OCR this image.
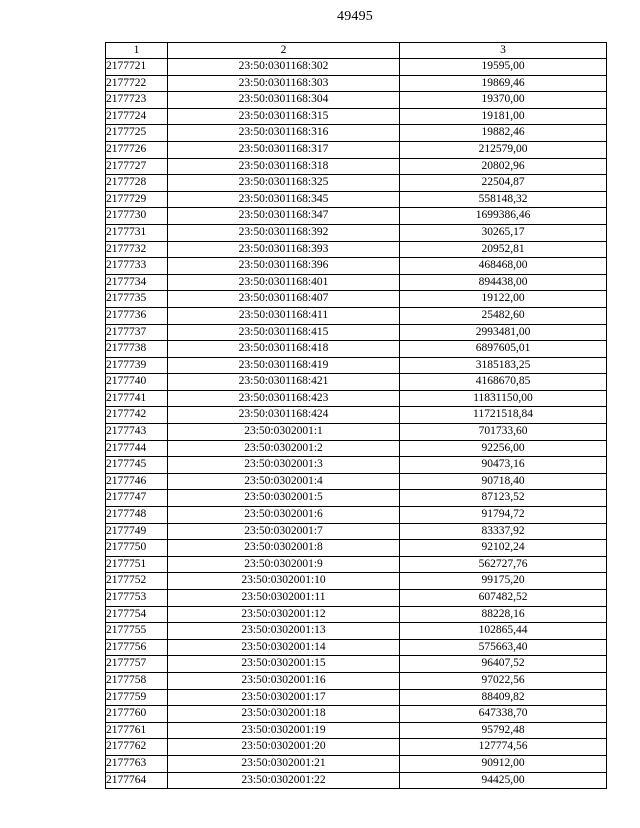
49495
1	2	3
2177721	23:50:0301168:302	19595,00
2177722	23:50:0301168:303	19869,46
2177723	23:50:0301168:304	19370,00
2177724	23:50:0301168:315	19181,00
2177725	23:50:0301168:316	19882,46
2177726	23:50:0301168:317	212579,00
2177727	23:50:0301168:318	20802,96
2177728	23:50:0301168:325	22504,87
2177729	23:50:0301168:345	558148,32
2177730	23:50:0301168:347	1699386,46
2177731	23:50:0301168:392	30265,17
2177732	23:50:0301168:393	20952,81
2177733	23:50:0301168:396	468468,00
2177734	23:50:0301168:401	894438,00
2177735	23:50:0301168:407	19122,00
2177736	23:50:0301168:411	25482,60
2177737	23:50:0301168:415	2993481,00
2177738	23:50:0301168:418	6897605,01
2177739	23:50:0301168:419	3185183,25
2177740	23:50:0301168:421	4168670,85
2177741	23:50:0301168:423	11831150,00
2177742	23:50:0301168:424	11721518,84
2177743	23:50:0302001:1	701733,60
2177744	23:50:0302001:2	92256,00
2177745	23:50:0302001:3	90473,16
2177746	23:50:0302001:4	90718,40
2177747	23:50:0302001:5	87123,52
2177748	23:50:0302001:6	91794,72
2177749	23:50:0302001:7	83337,92
2177750	23:50:0302001:8	92102,24
2177751	23:50:0302001:9	562727,76
2177752	23:50:0302001:10	99175,20
2177753	23:50:0302001:11	607482,52
2177754	23:50:0302001:12	88228,16
2177755	23:50:0302001:13	102865,44
2177756	23:50:0302001:14	575663,40
2177757	23:50:0302001:15	96407,52
2177758	23:50:0302001:16	97022,56
2177759	23:50:0302001:17	88409,82
2177760	23:50:0302001:18	647338,70
2177761	23:50:0302001:19	95792,48
2177762	23:50:0302001:20	127774,56
2177763	23:50:0302001:21	90912,00
2177764	23:50:0302001:22	94425,00
